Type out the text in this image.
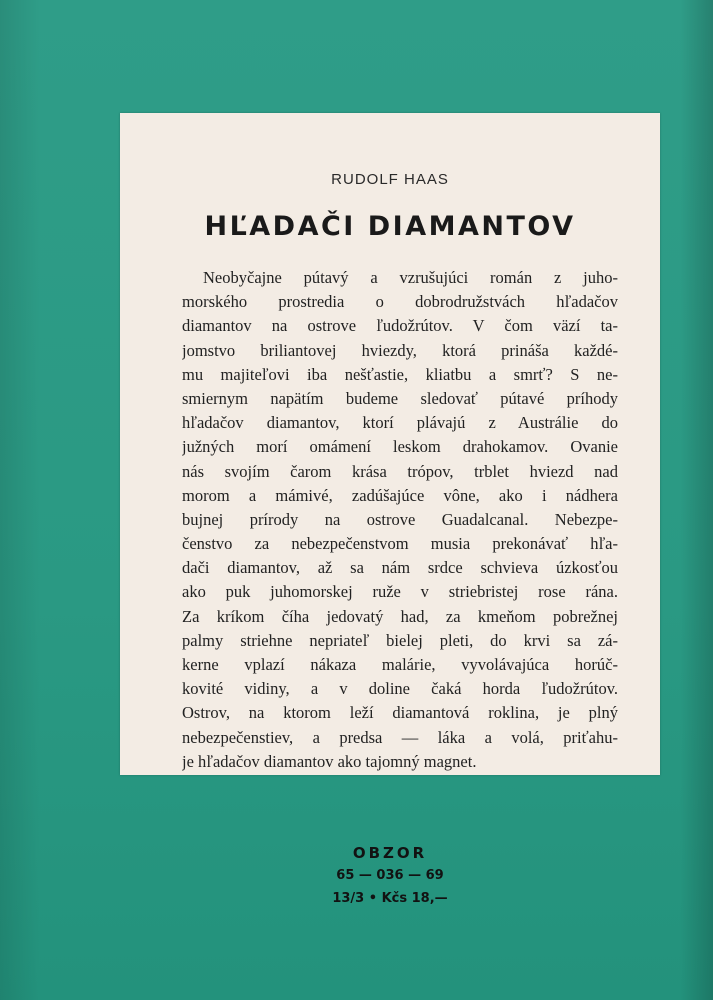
RUDOLF HAAS
HĽADAČI DIAMANTOV
Neobyčajne pútavý a vzrušujúci román z juho-
morského prostredia o dobrodružstvách hľadačov
diamantov na ostrove ľudožrútov. V čom väzí ta-
jomstvo briliantovej hviezdy, ktorá prináša každé-
mu majiteľovi iba nešťastie, kliatbu a smrť? S ne-
smiernym napätím budeme sledovať pútavé príhody
hľadačov diamantov, ktorí plávajú z Austrálie do
južných morí omámení leskom drahokamov. Ovanie
nás svojím čarom krása trópov, trblet hviezd nad
morom a mámivé, zadúšajúce vône, ako i nádhera
bujnej prírody na ostrove Guadalcanal. Nebezpe-
čenstvo za nebezpečenstvom musia prekonávať hľa-
dači diamantov, až sa nám srdce schvieva úzkosťou
ako puk juhomorskej ruže v striebristej rose rána.
Za kríkom číha jedovatý had, za kmeňom pobrežnej
palmy striehne nepriateľ bielej pleti, do krvi sa zá-
kerne vplazí nákaza malárie, vyvolávajúca horúč-
kovité vidiny, a v doline čaká horda ľudožrútov.
Ostrov, na ktorom leží diamantová roklina, je plný
nebezpečenstiev, a predsa — láka a volá, priťahu-
je hľadačov diamantov ako tajomný magnet.
OBZOR
65 — 036 — 69
13/3 • Kčs 18,—
